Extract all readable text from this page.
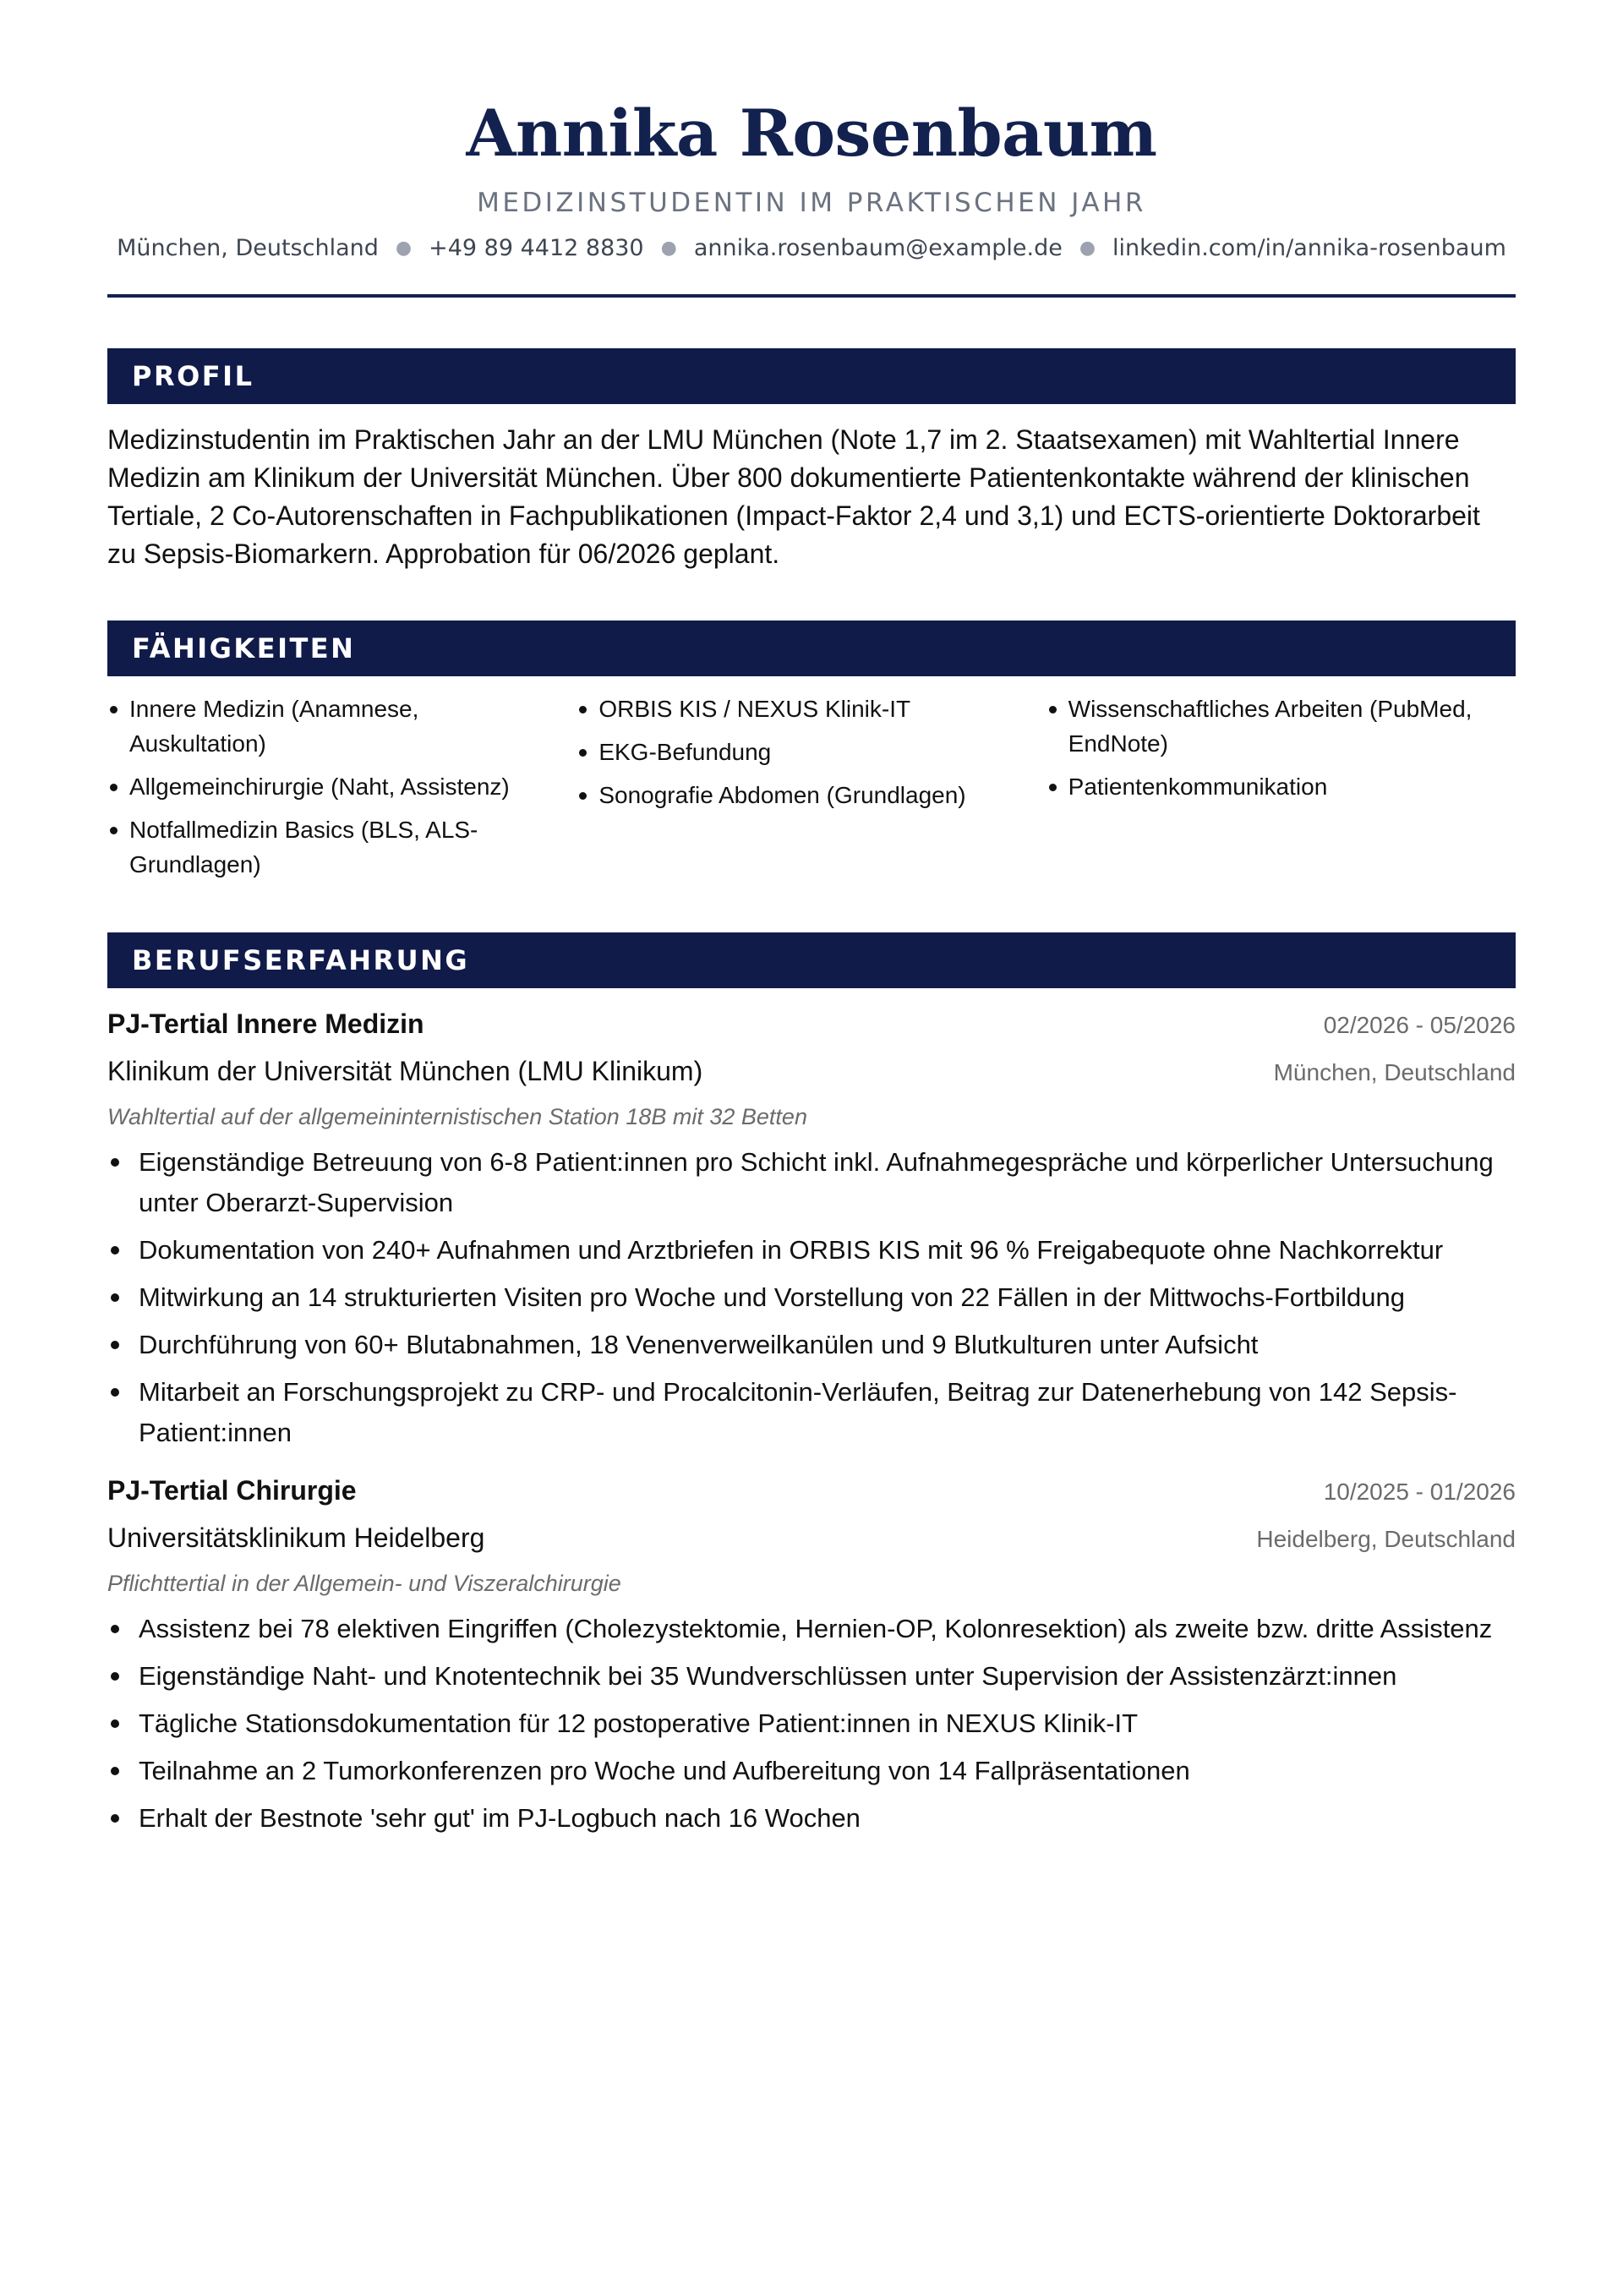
Annika Rosenbaum
MEDIZINSTUDENTIN IM PRAKTISCHEN JAHR
München, Deutschland ● +49 89 4412 8830 ● annika.rosenbaum@example.de ● linkedin.com/in/annika-rosenbaum
PROFIL

Medizinstudentin im Praktischen Jahr an der LMU München (Note 1,7 im 2. Staatsexamen) mit Wahltertial Innere Medizin am Klinikum der Universität München. Über 800 dokumentierte Patientenkontakte während der klinischen Tertiale, 2 Co-Autorenschaften in Fachpublikationen (Impact-Faktor 2,4 und 3,1) und ECTS-orientierte Doktorarbeit zu Sepsis-Biomarkern. Approbation für 06/2026 geplant.

FÄHIGKEITEN
Innere Medizin (Anamnese, Auskultation)
Allgemeinchirurgie (Naht, Assistenz)
Notfallmedizin Basics (BLS, ALS-Grundlagen)
ORBIS KIS / NEXUS Klinik-IT
EKG-Befundung
Sonografie Abdomen (Grundlagen)
Wissenschaftliches Arbeiten (PubMed, EndNote)
Patientenkommunikation
BERUFSERFAHRUNG
PJ-Tertial Innere Medizin	02/2026 - 05/2026
Klinikum der Universität München (LMU Klinikum)	München, Deutschland
Wahltertial auf der allgemeininternistischen Station 18B mit 32 Betten
Eigenständige Betreuung von 6-8 Patient:innen pro Schicht inkl. Aufnahmegespräche und körperlicher Untersuchung unter Oberarzt-Supervision
Dokumentation von 240+ Aufnahmen und Arztbriefen in ORBIS KIS mit 96 % Freigabequote ohne Nachkorrektur
Mitwirkung an 14 strukturierten Visiten pro Woche und Vorstellung von 22 Fällen in der Mittwochs-Fortbildung
Durchführung von 60+ Blutabnahmen, 18 Venenverweilkanülen und 9 Blutkulturen unter Aufsicht
Mitarbeit an Forschungsprojekt zu CRP- und Procalcitonin-Verläufen, Beitrag zur Datenerhebung von 142 Sepsis-Patient:innen
PJ-Tertial Chirurgie	10/2025 - 01/2026
Universitätsklinikum Heidelberg	Heidelberg, Deutschland
Pflichttertial in der Allgemein- und Viszeralchirurgie
Assistenz bei 78 elektiven Eingriffen (Cholezystektomie, Hernien-OP, Kolonresektion) als zweite bzw. dritte Assistenz
Eigenständige Naht- und Knotentechnik bei 35 Wundverschlüssen unter Supervision der Assistenzärzt:innen
Tägliche Stationsdokumentation für 12 postoperative Patient:innen in NEXUS Klinik-IT
Teilnahme an 2 Tumorkonferenzen pro Woche und Aufbereitung von 14 Fallpräsentationen
Erhalt der Bestnote 'sehr gut' im PJ-Logbuch nach 16 Wochen
